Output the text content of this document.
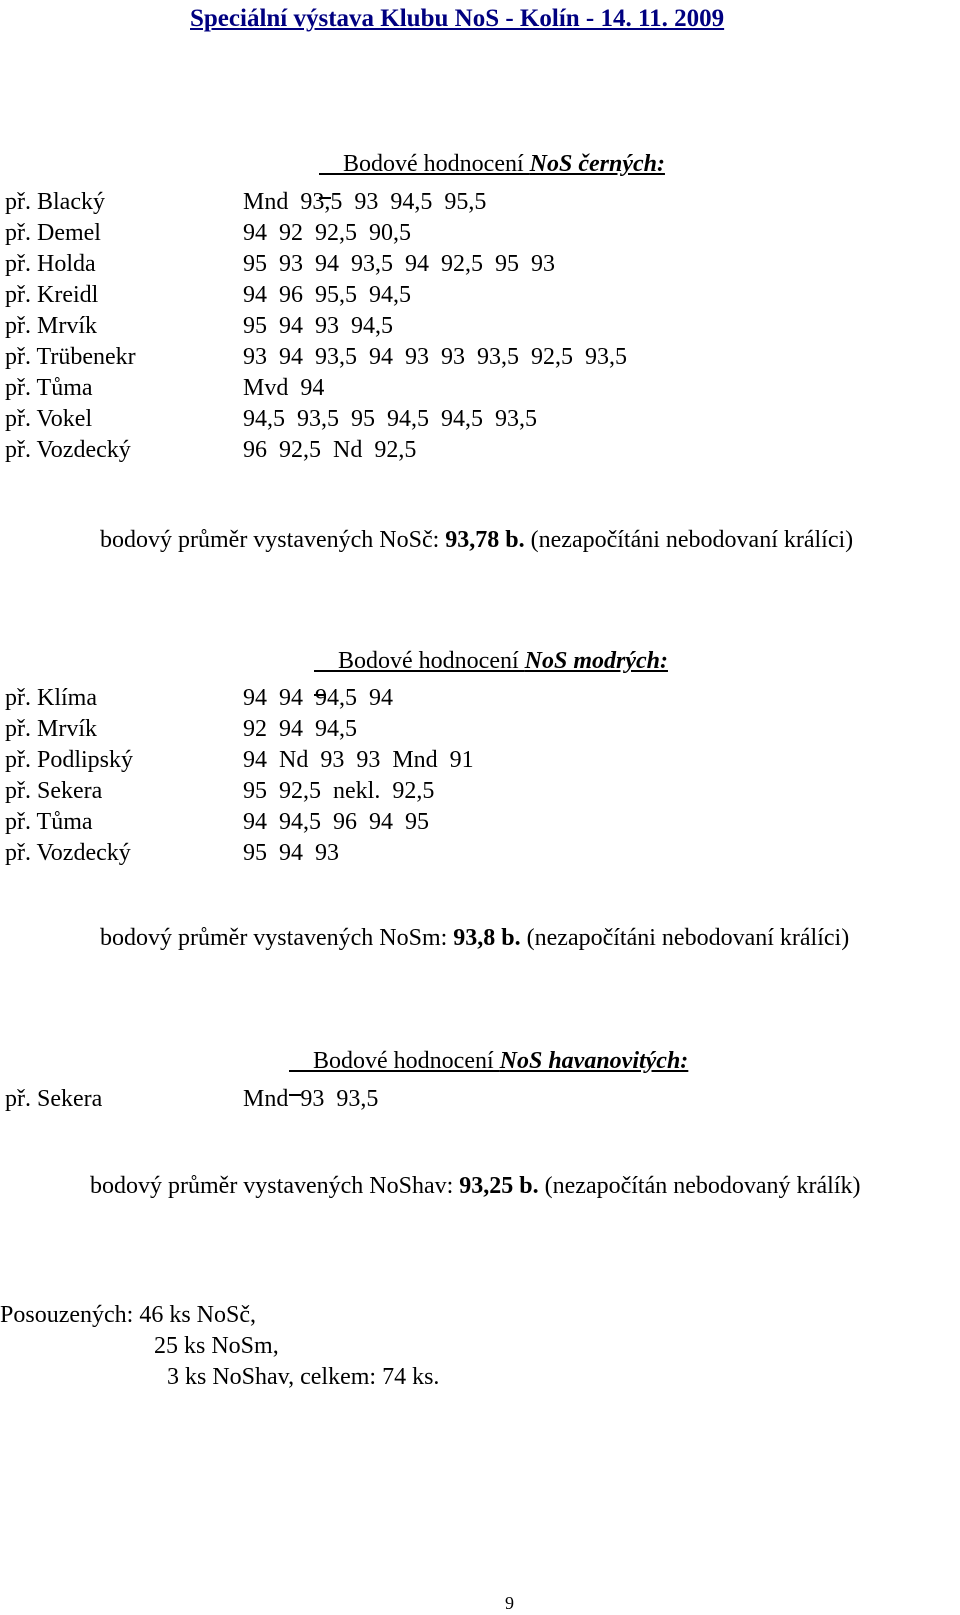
Speciální výstava Klubu NoS - Kolín - 14. 11. 2009

Bodové hodnocení NoS černých:

př. Blacký	Mnd 93,5 93 94,5 95,5
př. Demel	94 92 92,5 90,5
př. Holda	95 93 94 93,5 94 92,5 95 93
př. Kreidl	94 96 95,5 94,5
př. Mrvík	95 94 93 94,5
př. Trübenekr	93 94 93,5 94 93 93 93,5 92,5 93,5
př. Tůma	Mvd 94
př. Vokel	94,5 93,5 95 94,5 94,5 93,5
př. Vozdecký	96 92,5 Nd 92,5

bodový průměr vystavených NoSč: 93,78 b. (nezapočítáni nebodovaní králíci)

Bodové hodnocení NoS modrých:

př. Klíma	94 94 94,5 94
př. Mrvík	92 94 94,5
př. Podlipský	94 Nd 93 93 Mnd 91
př. Sekera	95 92,5 nekl. 92,5
př. Tůma	94 94,5 96 94 95
př. Vozdecký	95 94 93

bodový průměr vystavených NoSm: 93,8 b. (nezapočítáni nebodovaní králíci)

Bodové hodnocení NoS havanovitých:

př. Sekera	Mnd 93 93,5

bodový průměr vystavených NoShav: 93,25 b. (nezapočítán nebodovaný králík)

Posouzených: 46 ks NoSč,
25 ks NoSm,
3 ks NoShav, celkem: 74 ks.
9
